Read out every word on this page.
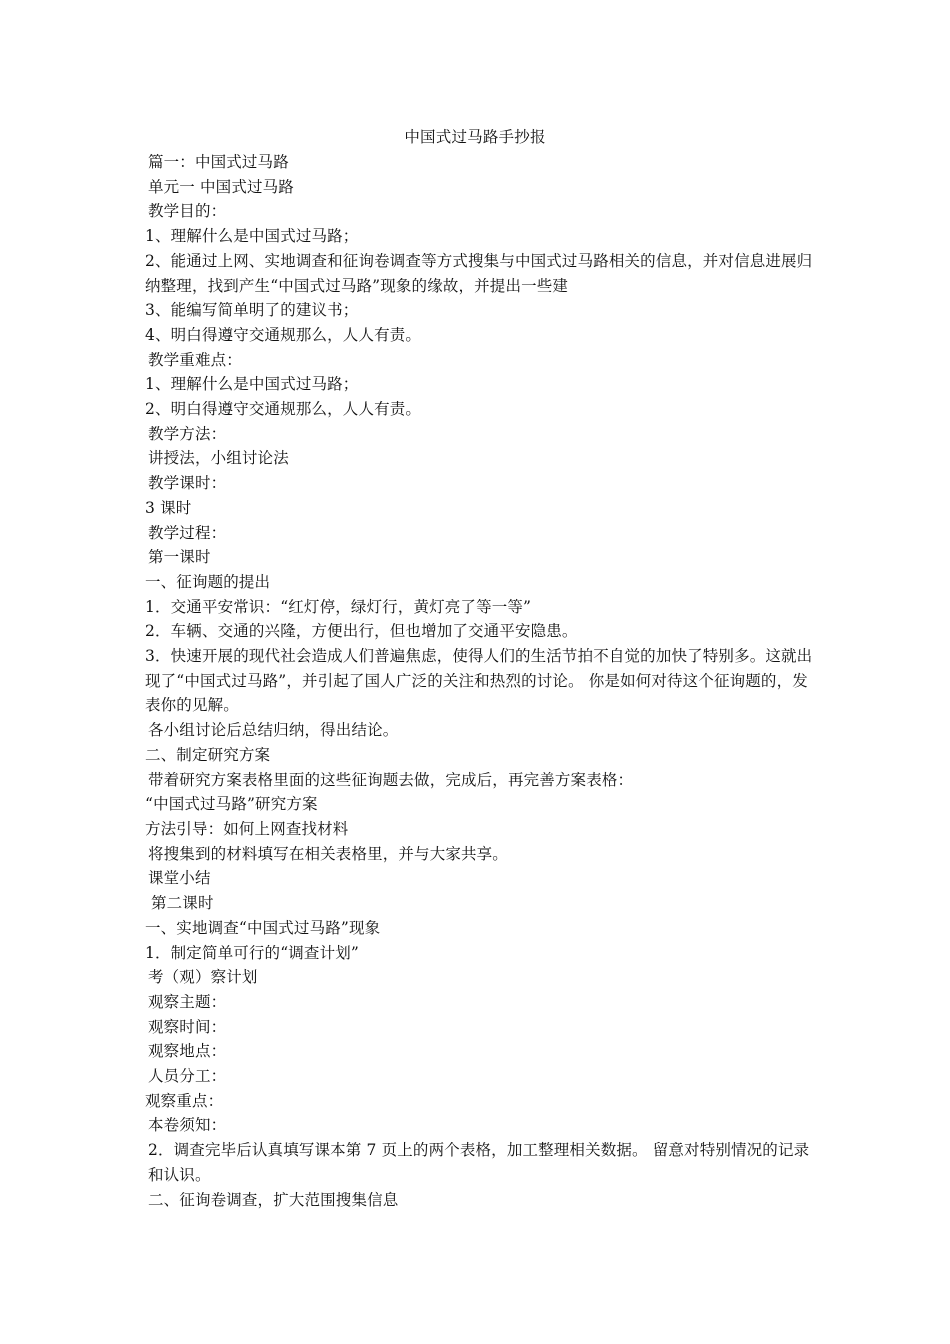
中国式过马路手抄报

篇一：中国式过马路

单元一 中国式过马路

教学目的：

1、理解什么是中国式过马路；

2、能通过上网、实地调查和征询卷调查等方式搜集与中国式过马路相关的信息，并对信息进展归纳整理，找到产生“中国式过马路”现象的缘故，并提出一些建

3、能编写简单明了的建议书；

4、明白得遵守交通规那么，人人有责。

教学重难点：

1、理解什么是中国式过马路；

2、明白得遵守交通规那么，人人有责。

教学方法：

讲授法，小组讨论法

教学课时：

3 课时

教学过程：

第一课时

一、征询题的提出

1．交通平安常识：“红灯停，绿灯行，黄灯亮了等一等”

2．车辆、交通的兴隆，方便出行，但也增加了交通平安隐患。

3．快速开展的现代社会造成人们普遍焦虑，使得人们的生活节拍不自觉的加快了特别多。这就出现了“中国式过马路”，并引起了国人广泛的关注和热烈的讨论。 你是如何对待这个征询题的，发表你的见解。

各小组讨论后总结归纳，得出结论。

二、制定研究方案

带着研究方案表格里面的这些征询题去做，完成后，再完善方案表格：

“中国式过马路”研究方案

方法引导：如何上网查找材料

将搜集到的材料填写在相关表格里，并与大家共享。

课堂小结

第二课时

一、实地调查“中国式过马路”现象

1．制定简单可行的“调查计划”

考（观）察计划

观察主题：

观察时间：

观察地点：

人员分工：

观察重点：

本卷须知：

2．调查完毕后认真填写课本第 7 页上的两个表格，加工整理相关数据。 留意对特别情况的记录和认识。

二、征询卷调查，扩大范围搜集信息
